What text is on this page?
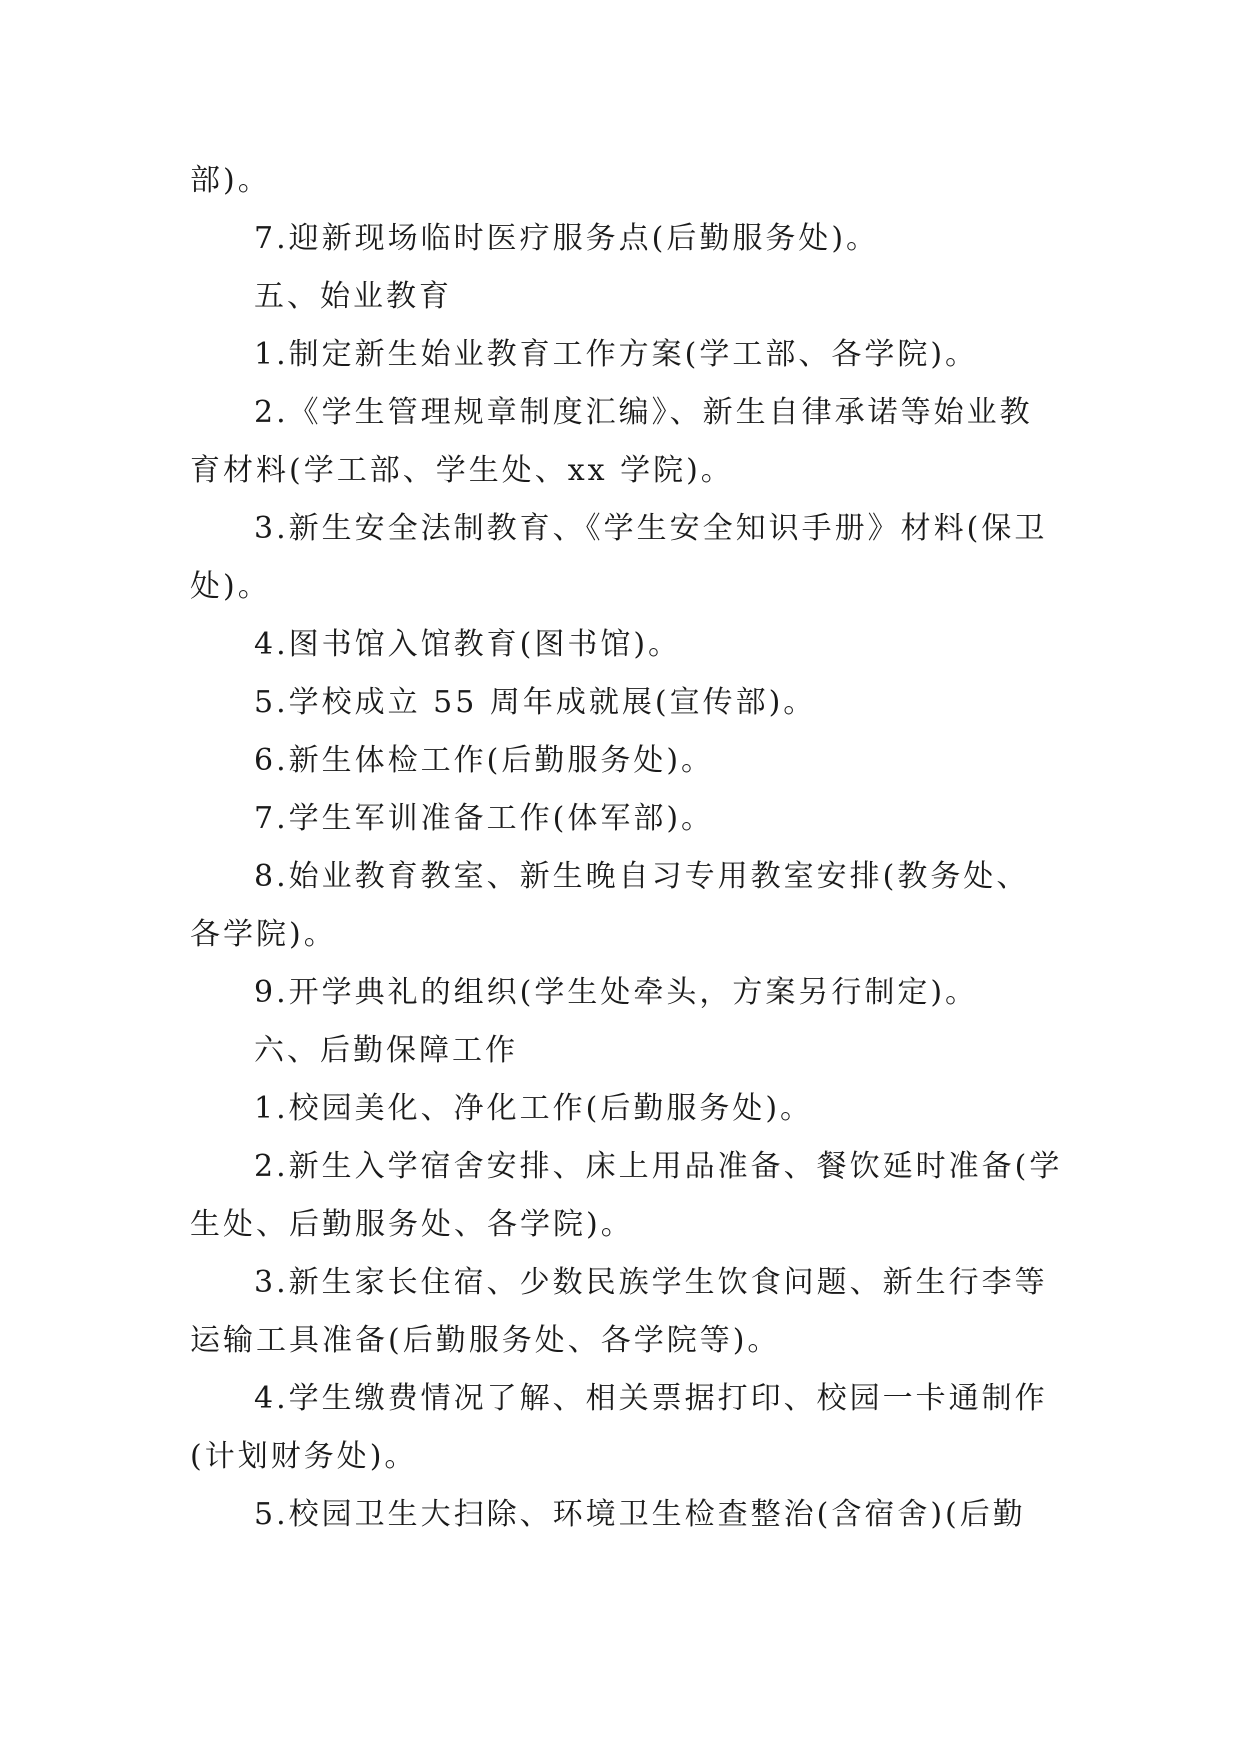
部)。
7.迎新现场临时医疗服务点(后勤服务处)。
五、始业教育
1.制定新生始业教育工作方案(学工部、各学院)。
2.《学生管理规章制度汇编》、新生自律承诺等始业教
育材料(学工部、学生处、xx 学院)。
3.新生安全法制教育、《学生安全知识手册》材料(保卫
处)。
4.图书馆入馆教育(图书馆)。
5.学校成立 55 周年成就展(宣传部)。
6.新生体检工作(后勤服务处)。
7.学生军训准备工作(体军部)。
8.始业教育教室、新生晚自习专用教室安排(教务处、
各学院)。
9.开学典礼的组织(学生处牵头，方案另行制定)。
六、后勤保障工作
1.校园美化、净化工作(后勤服务处)。
2.新生入学宿舍安排、床上用品准备、餐饮延时准备(学
生处、后勤服务处、各学院)。
3.新生家长住宿、少数民族学生饮食问题、新生行李等
运输工具准备(后勤服务处、各学院等)。
4.学生缴费情况了解、相关票据打印、校园一卡通制作
(计划财务处)。
5.校园卫生大扫除、环境卫生检查整治(含宿舍)(后勤
